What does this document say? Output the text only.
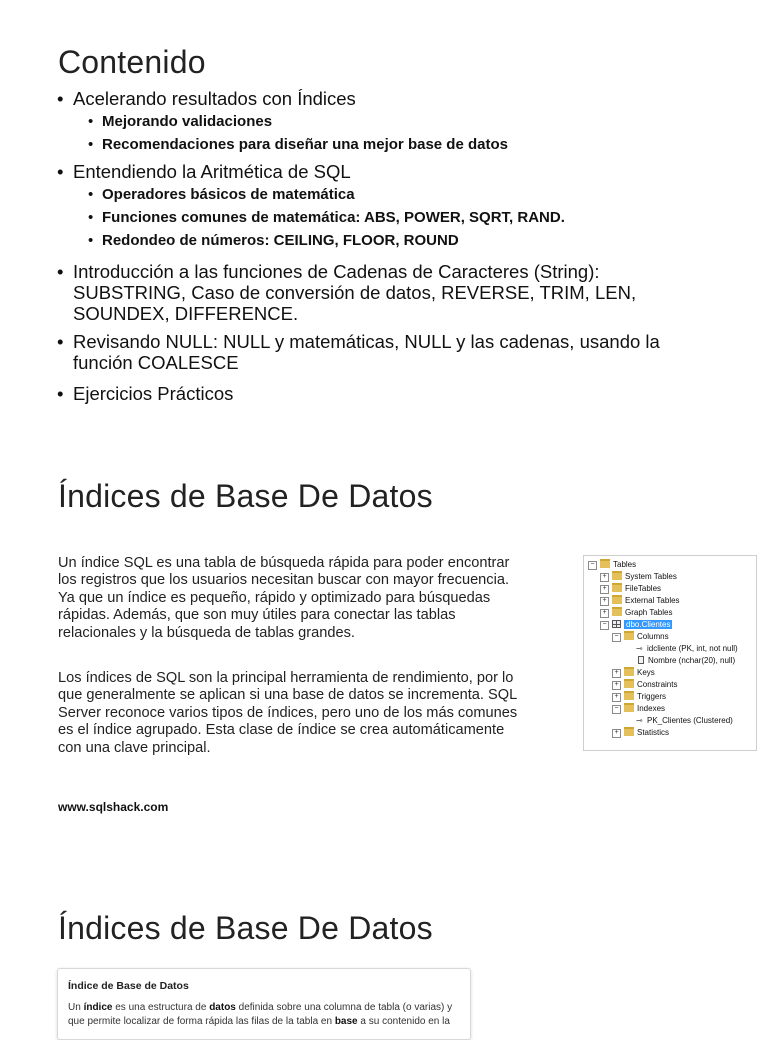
Contenido
• Acelerando resultados con Índices
• Mejorando validaciones
• Recomendaciones para diseñar una mejor base de datos
• Entendiendo la Aritmética de SQL
• Operadores básicos de matemática
• Funciones comunes de matemática: ABS, POWER, SQRT, RAND.
• Redondeo de números: CEILING, FLOOR, ROUND
• Introducción a las funciones de Cadenas de Caracteres (String):
SUBSTRING, Caso de conversión de datos, REVERSE, TRIM, LEN,
SOUNDEX, DIFFERENCE.
• Revisando NULL: NULL y matemáticas, NULL y las cadenas, usando la
función COALESCE
• Ejercicios Prácticos
Índices de Base De Datos
Un índice SQL es una tabla de búsqueda rápida para poder encontrar
los registros que los usuarios necesitan buscar con mayor frecuencia.
Ya que un índice es pequeño, rápido y optimizado para búsquedas
rápidas. Además, que son muy útiles para conectar las tablas
relacionales y la búsqueda de tablas grandes.
Los índices de SQL son la principal herramienta de rendimiento, por lo
que generalmente se aplican si una base de datos se incrementa. SQL
Server reconoce varios tipos de índices, pero uno de los más comunes
es el índice agrupado. Esta clase de índice se crea automáticamente
con una clave principal.
www.sqlshack.com
−	Tables
+	System Tables
+	FileTables
+	External Tables
+	Graph Tables
−	dbo.Clientes
−	Columns
⊸ idcliente (PK, int, not null)
Nombre (nchar(20), null)
+	Keys
+	Constraints
+	Triggers
−	Indexes
⊸ PK_Clientes (Clustered)
+	Statistics
Índices de Base De Datos
Índice de Base de Datos
Un índice es una estructura de datos definida sobre una columna de tabla (o varias) y
que permite localizar de forma rápida las filas de la tabla en base a su contenido en la
